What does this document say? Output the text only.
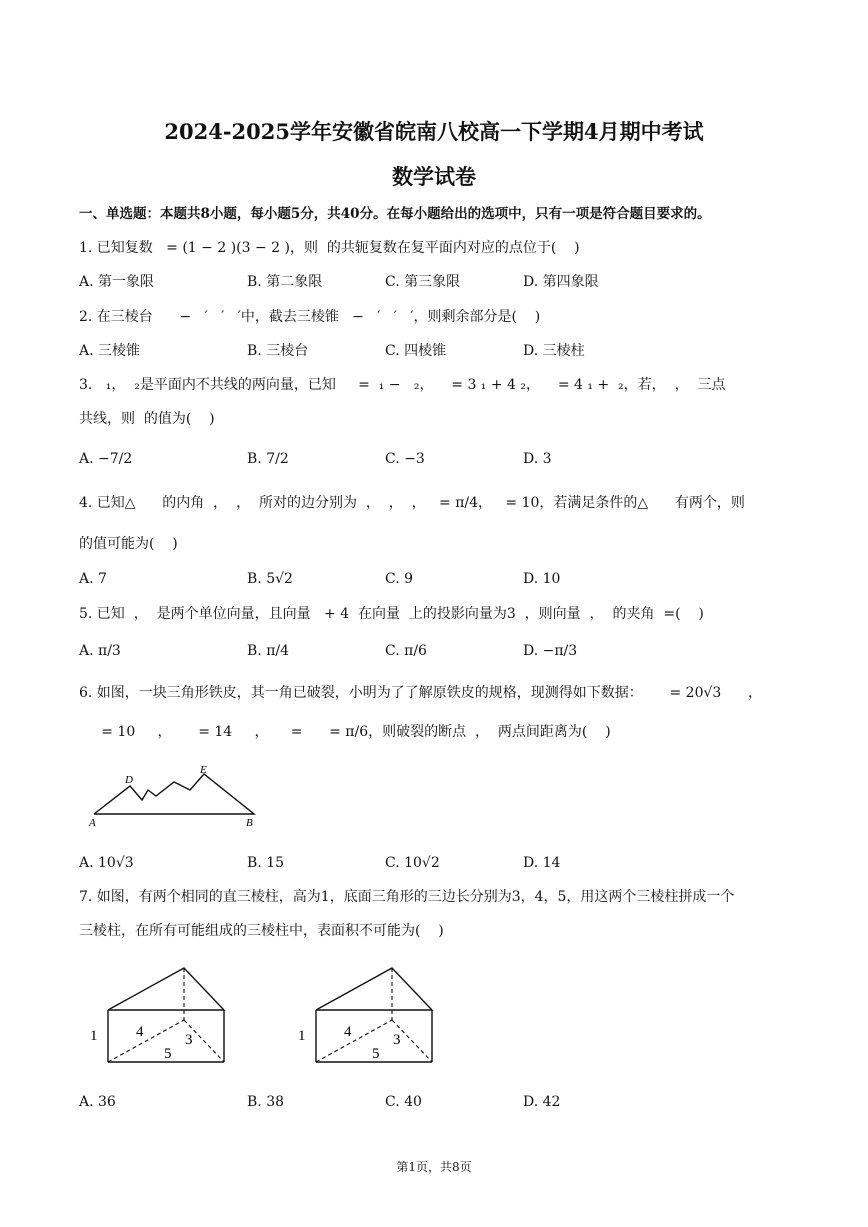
2024-2025学年安徽省皖南八校高一下学期4月期中考试
数学试卷
一、单选题：本题共8小题，每小题5分，共40分。在每小题给出的选项中，只有一项是符合题目要求的。
1. 已知复数   = (1 − 2 )(3 − 2 )，则  的共轭复数在复平面内对应的点位于(    )
A. 第一象限	B. 第二象限	C. 第三象限	D. 第四象限
2. 在三棱台      −   ′   ′   ′中，截去三棱锥   −   ′   ′   ′，则剩余部分是(    )
A. 三棱锥	B. 三棱台	C. 四棱锥	D. 三棱柱
3.   ₁，  ₂是平面内不共线的两向量，已知     =  ₁ −   ₂，    = 3 ₁ + 4 ₂，    = 4 ₁ +  ₂，若，  ，  三点
共线，则  的值为(    )
A. −7/2	B. 7/2	C. −3	D. 3
4. 已知△      的内角  ，  ，  所对的边分别为  ，  ，  ，   = π/4，   = 10，若满足条件的△      有两个，则
的值可能为(    )
A. 7	B. 5√2	C. 9	D. 10
5. 已知  ，  是两个单位向量，且向量   + 4  在向量  上的投影向量为3  ，则向量  ，  的夹角  =(    )
A. π/3	B. π/4	C. π/6	D. −π/3
6. 如图，一块三角形铁皮，其一角已破裂，小明为了了解原铁皮的规格，现测得如下数据：      = 20√3      ，
= 10     ，      = 14     ，     =      = π/6，则破裂的断点  ，  两点间距离为(    )
D
E
A	B
A. 10√3	B. 15	C. 10√2	D. 14
7. 如图，有两个相同的直三棱柱，高为1，底面三角形的三边长分别为3，4，5，用这两个三棱柱拼成一个
三棱柱，在所有可能组成的三棱柱中，表面积不可能为(    )
1	4	3
5
1	4	3
5
A. 36	B. 38	C. 40	D. 42
第1页，共8页
